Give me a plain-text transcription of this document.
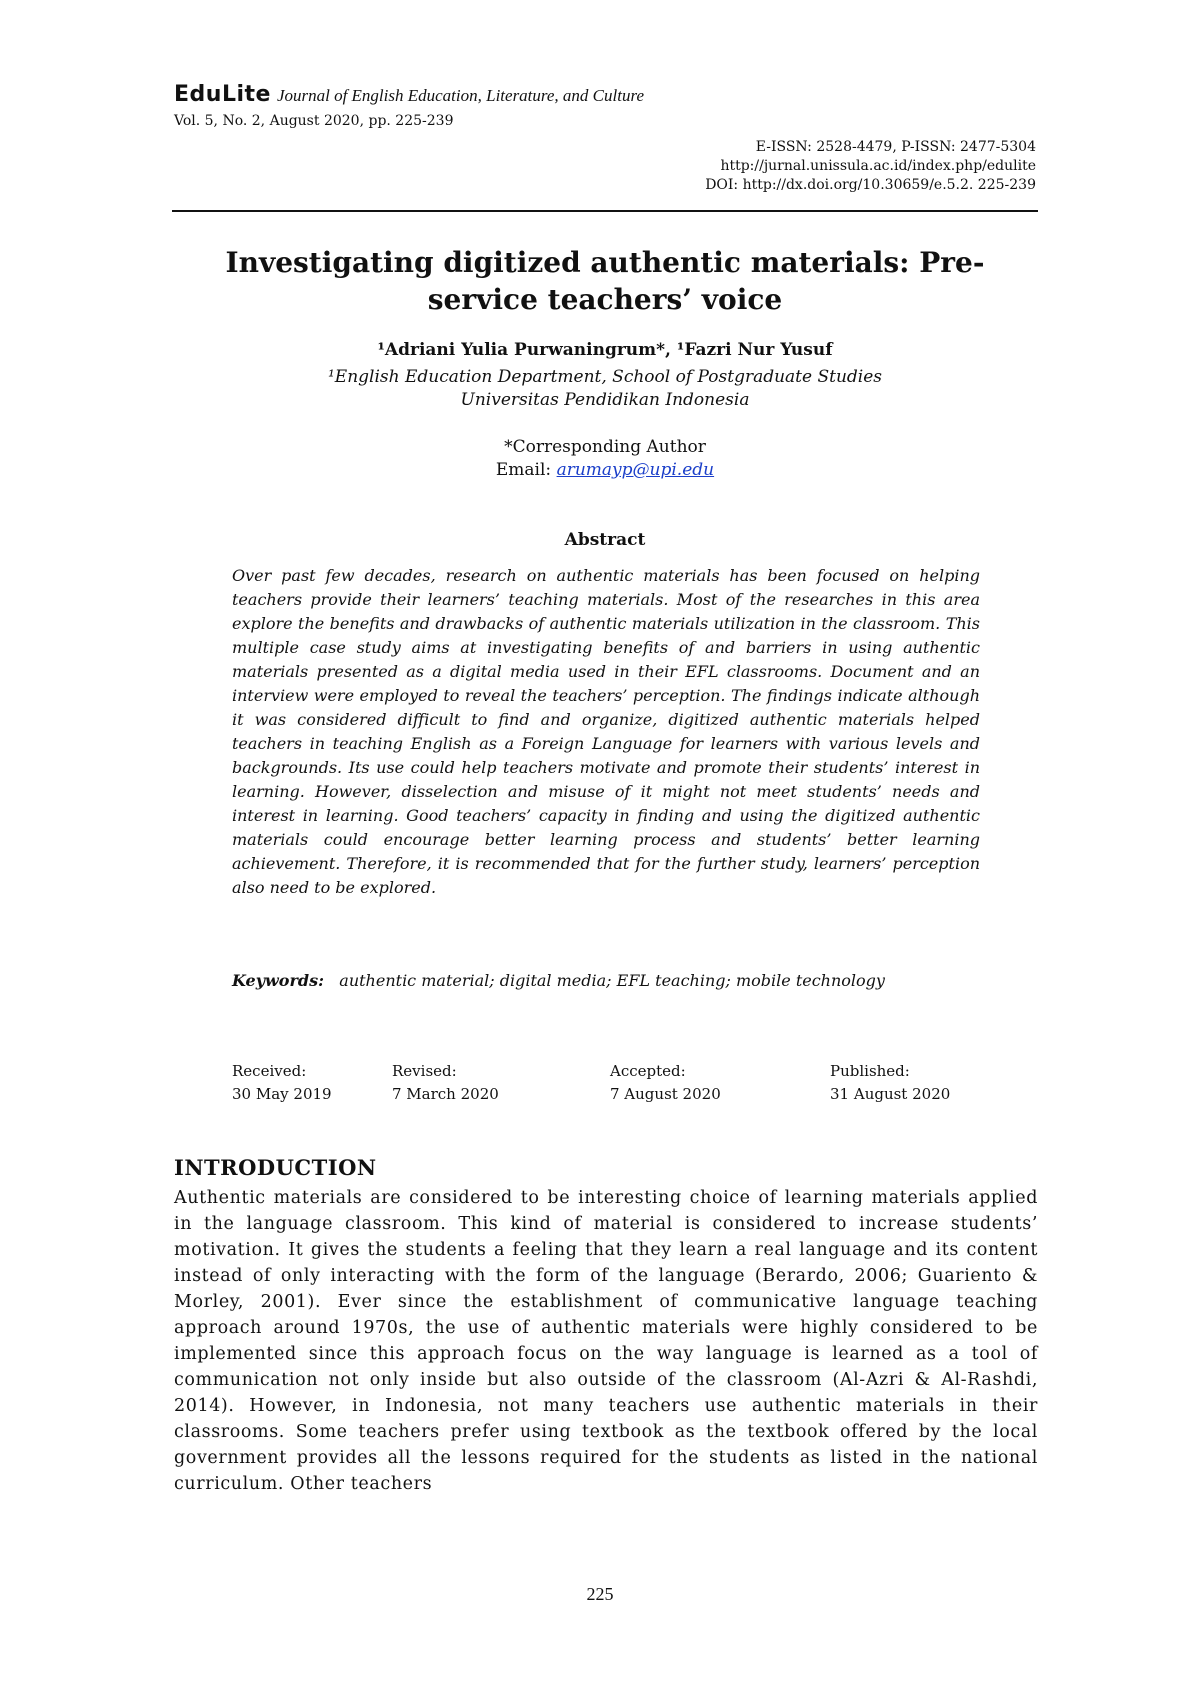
EduLite Journal of English Education, Literature, and Culture
Vol. 5, No. 2, August 2020, pp. 225-239
E-ISSN: 2528-4479, P-ISSN: 2477-5304
http://jurnal.unissula.ac.id/index.php/edulite
DOI: http://dx.doi.org/10.30659/e.5.2. 225-239
Investigating digitized authentic materials: Pre-service teachers’ voice
¹Adriani Yulia Purwaningrum*, ¹Fazri Nur Yusuf
¹English Education Department, School of Postgraduate Studies
Universitas Pendidikan Indonesia
*Corresponding Author
Email: arumayp@upi.edu
Abstract
Over past few decades, research on authentic materials has been focused on helping teachers provide their learners’ teaching materials. Most of the researches in this area explore the benefits and drawbacks of authentic materials utilization in the classroom. This multiple case study aims at investigating benefits of and barriers in using authentic materials presented as a digital media used in their EFL classrooms. Document and an interview were employed to reveal the teachers’ perception. The findings indicate although it was considered difficult to find and organize, digitized authentic materials helped teachers in teaching English as a Foreign Language for learners with various levels and backgrounds. Its use could help teachers motivate and promote their students’ interest in learning. However, disselection and misuse of it might not meet students’ needs and interest in learning. Good teachers’ capacity in finding and using the digitized authentic materials could encourage better learning process and students’ better learning achievement. Therefore, it is recommended that for the further study, learners’ perception also need to be explored.
Keywords: authentic material; digital media; EFL teaching; mobile technology
Received:
30 May 2019
Revised:
7 March 2020
Accepted:
7 August 2020
Published:
31 August 2020
INTRODUCTION
Authentic materials are considered to be interesting choice of learning materials applied in the language classroom. This kind of material is considered to increase students’ motivation. It gives the students a feeling that they learn a real language and its content instead of only interacting with the form of the language (Berardo, 2006; Guariento & Morley, 2001). Ever since the establishment of communicative language teaching approach around 1970s, the use of authentic materials were highly considered to be implemented since this approach focus on the way language is learned as a tool of communication not only inside but also outside of the classroom (Al-Azri & Al-Rashdi, 2014). However, in Indonesia, not many teachers use authentic materials in their classrooms. Some teachers prefer using textbook as the textbook offered by the local government provides all the lessons required for the students as listed in the national curriculum. Other teachers
225
